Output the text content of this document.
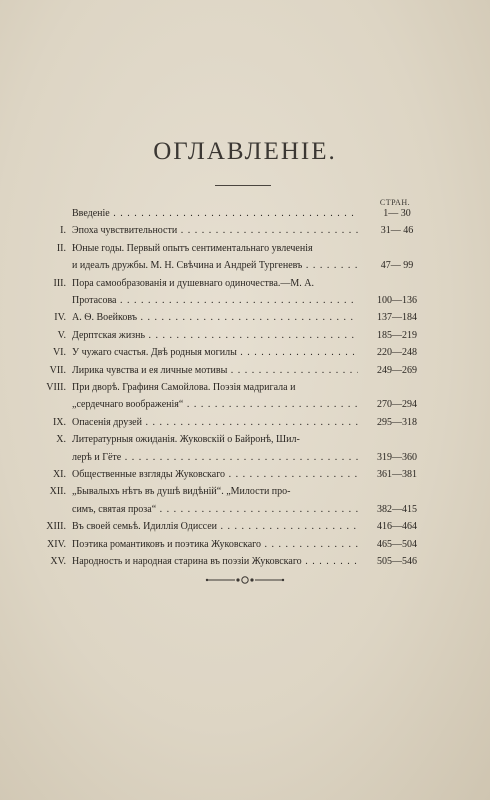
ОГЛАВЛЕНІЕ.
СТРАН.
Введеніе . . .	1— 30
I. Эпоха чувствительности . . .	31— 46
II. Юные годы. Первый опытъ сентиментальнаго увлеченія
и идеалъ дружбы. М. Н. Свѣчина и Андрей Тургеневъ . . .	47— 99
III. Пора самообразованія и душевнаго одиночества.—М. А.
Протасова . . .	100—136
IV. А. Ѳ. Воейковъ . . .	137—184
V. Дерптская жизнь . . .	185—219
VI. У чужаго счастья. Двѣ родныя могилы . . .	220—248
VII. Лирика чувства и ея личные мотивы . . .	249—269
VIII. При дворѣ. Графиня Самойлова. Поэзія мадригала и
„сердечнаго воображенія“ . . .	270—294
IX. Опасенія друзей . . .	295—318
X. Литературныя ожиданія. Жуковскій о Байронѣ, Шил-
лерѣ и Гёте . . .	319—360
XI. Общественные взгляды Жуковскаго . . .	361—381
XII. „Бывалыхъ нѣтъ въ душѣ видѣній“. „Милости про-
симъ, святая проза“ . . .	382—415
XIII. Въ своей семьѣ. Идиллія Одиссеи . . .	416—464
XIV. Поэтика романтиковъ и поэтика Жуковскаго . . .	465—504
XV. Народность и народная старина въ поэзіи Жуковскаго . . .	505—546
